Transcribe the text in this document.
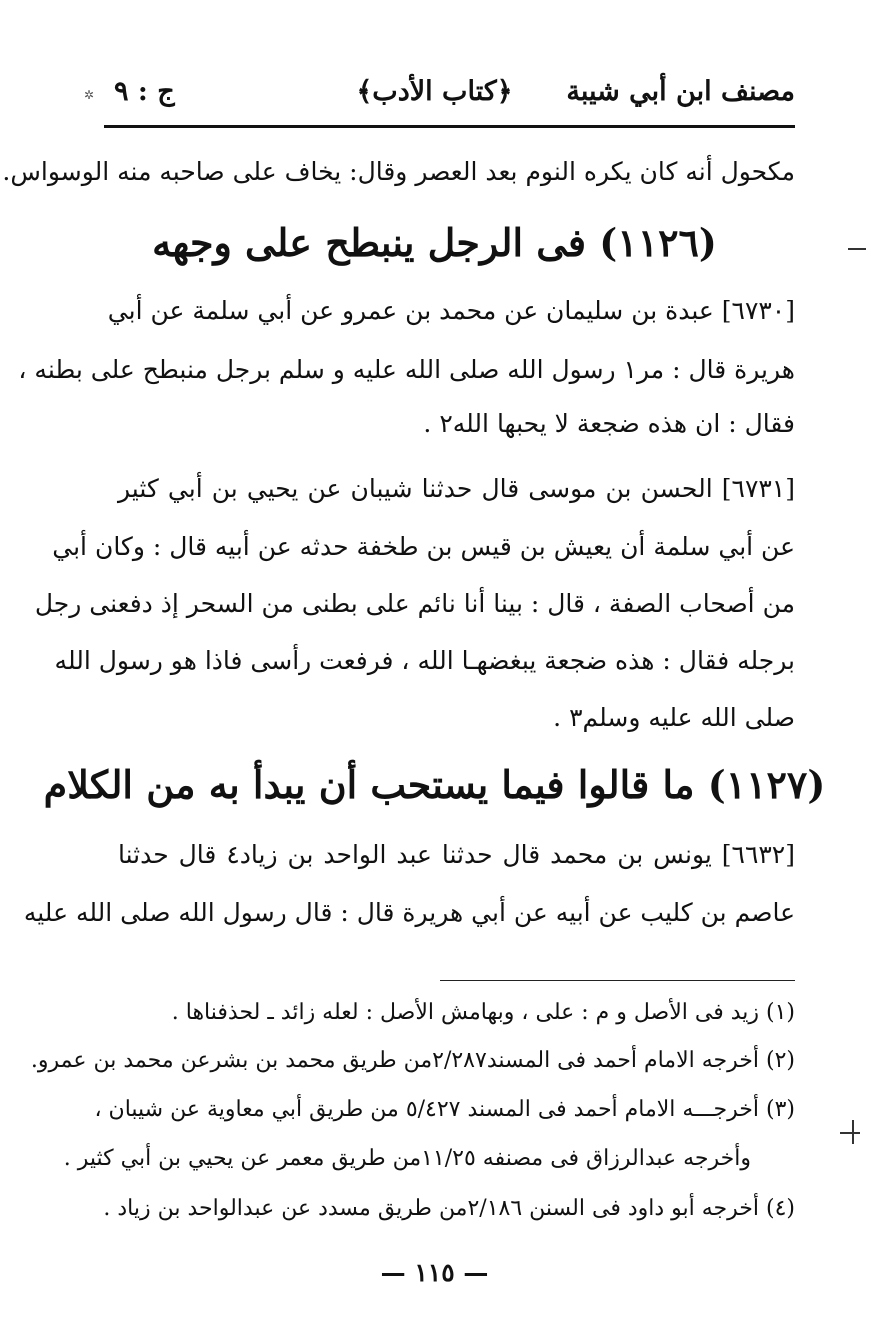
مصنف ابن أبي شيبة
﴿كتاب الأدب﴾
ج : ٩
✲
مكحول أنه كان يكره النوم بعد العصر وقال: يخاف على صاحبه منه الوسواس.
(١١٢٦) فى الرجل ينبطح على وجهه
[٦٧٣٠] عبدة بن سليمان عن محمد بن عمرو عن أبي سلمة عن أبي
هريرة قال : مر١ رسول الله صلى الله عليه و سلم برجل منبطح على بطنه ،
فقال : ان هذه ضجعة لا يحبها الله٢ .
[٦٧٣١] الحسن بن موسى قال حدثنا شيبان عن يحيي بن أبي كثير
عن أبي سلمة أن يعيش بن قيس بن طخفة حدثه عن أبيه قال : وكان أبي
من أصحاب الصفة ، قال : بينا أنا نائم على بطنى من السحر إذ دفعنى رجل
برجله فقال : هذه ضجعة يبغضهـا الله ، فرفعت رأسى فاذا هو رسول الله
صلى الله عليه وسلم٣ .
(١١٢٧) ما قالوا فيما يستحب أن يبدأ به من الكلام
[٦٦٣٢] يونس بن محمد قال حدثنا عبد الواحد بن زياد٤ قال حدثنا
عاصم بن كليب عن أبيه عن أبي هريرة قال : قال رسول الله صلى الله عليه
(١) زيد فى الأصل و م : على ، وبهامش الأصل : لعله زائد ـ لحذفناها .
(٢) أخرجه الامام أحمد فى المسند٢/٢٨٧من طريق محمد بن بشرعن محمد بن عمرو.
(٣) أخرجـــه الامام أحمد فى المسند ٥/٤٢٧ من طريق أبي معاوية عن شيبان ،
وأخرجه عبدالرزاق فى مصنفه ١١/٢٥من طريق معمر عن يحيي بن أبي كثير .
(٤) أخرجه أبو داود فى السنن ٢/١٨٦من طريق مسدد عن عبدالواحد بن زياد .
— ١١٥ —
